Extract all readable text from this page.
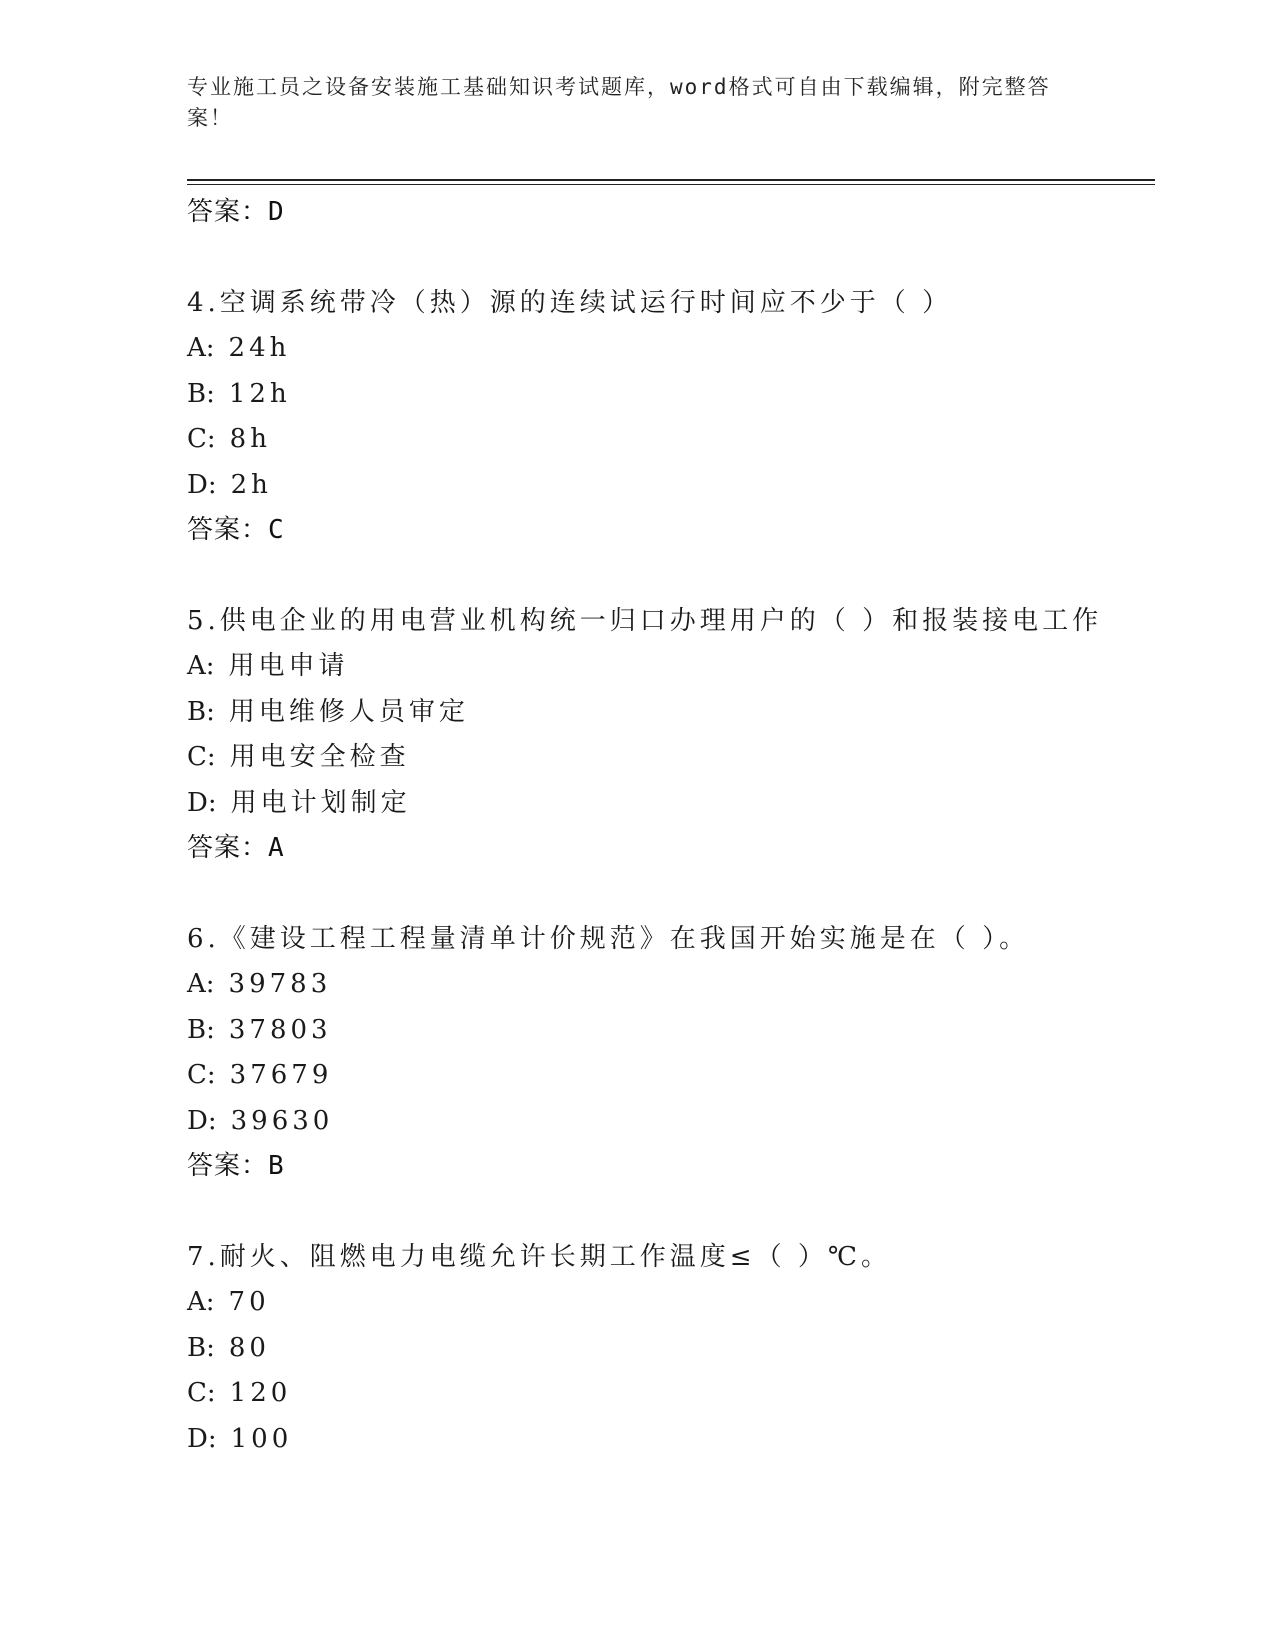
专业施工员之设备安装施工基础知识考试题库，word格式可自由下载编辑，附完整答案！
答案：D
4.空调系统带冷（热）源的连续试运行时间应不少于（ ）
A: 24h
B: 12h
C: 8h
D: 2h
答案：C
5.供电企业的用电营业机构统一归口办理用户的（ ）和报装接电工作
A: 用电申请
B: 用电维修人员审定
C: 用电安全检查
D: 用电计划制定
答案：A
6.《建设工程工程量清单计价规范》在我国开始实施是在（ ）。
A: 39783
B: 37803
C: 37679
D: 39630
答案：B
7.耐火、阻燃电力电缆允许长期工作温度≤（ ）℃。
A: 70
B: 80
C: 120
D: 100
